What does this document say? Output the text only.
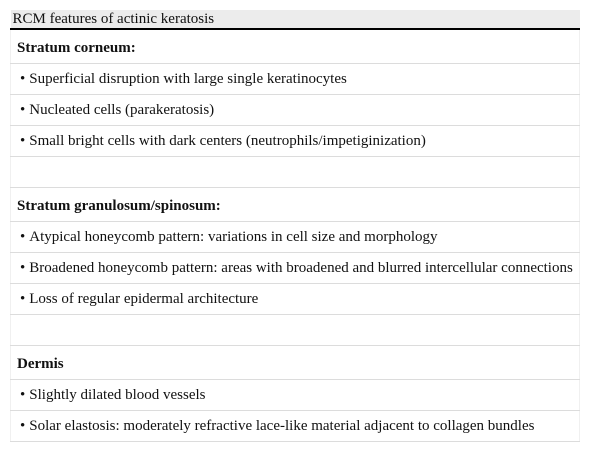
RCM features of actinic keratosis
Stratum corneum:
• Superficial disruption with large single keratinocytes
• Nucleated cells (parakeratosis)
• Small bright cells with dark centers (neutrophils/impetiginization)

Stratum granulosum/spinosum:
• Atypical honeycomb pattern: variations in cell size and morphology
• Broadened honeycomb pattern: areas with broadened and blurred intercellular connections
• Loss of regular epidermal architecture

Dermis
• Slightly dilated blood vessels
• Solar elastosis: moderately refractive lace-like material adjacent to collagen bundles
